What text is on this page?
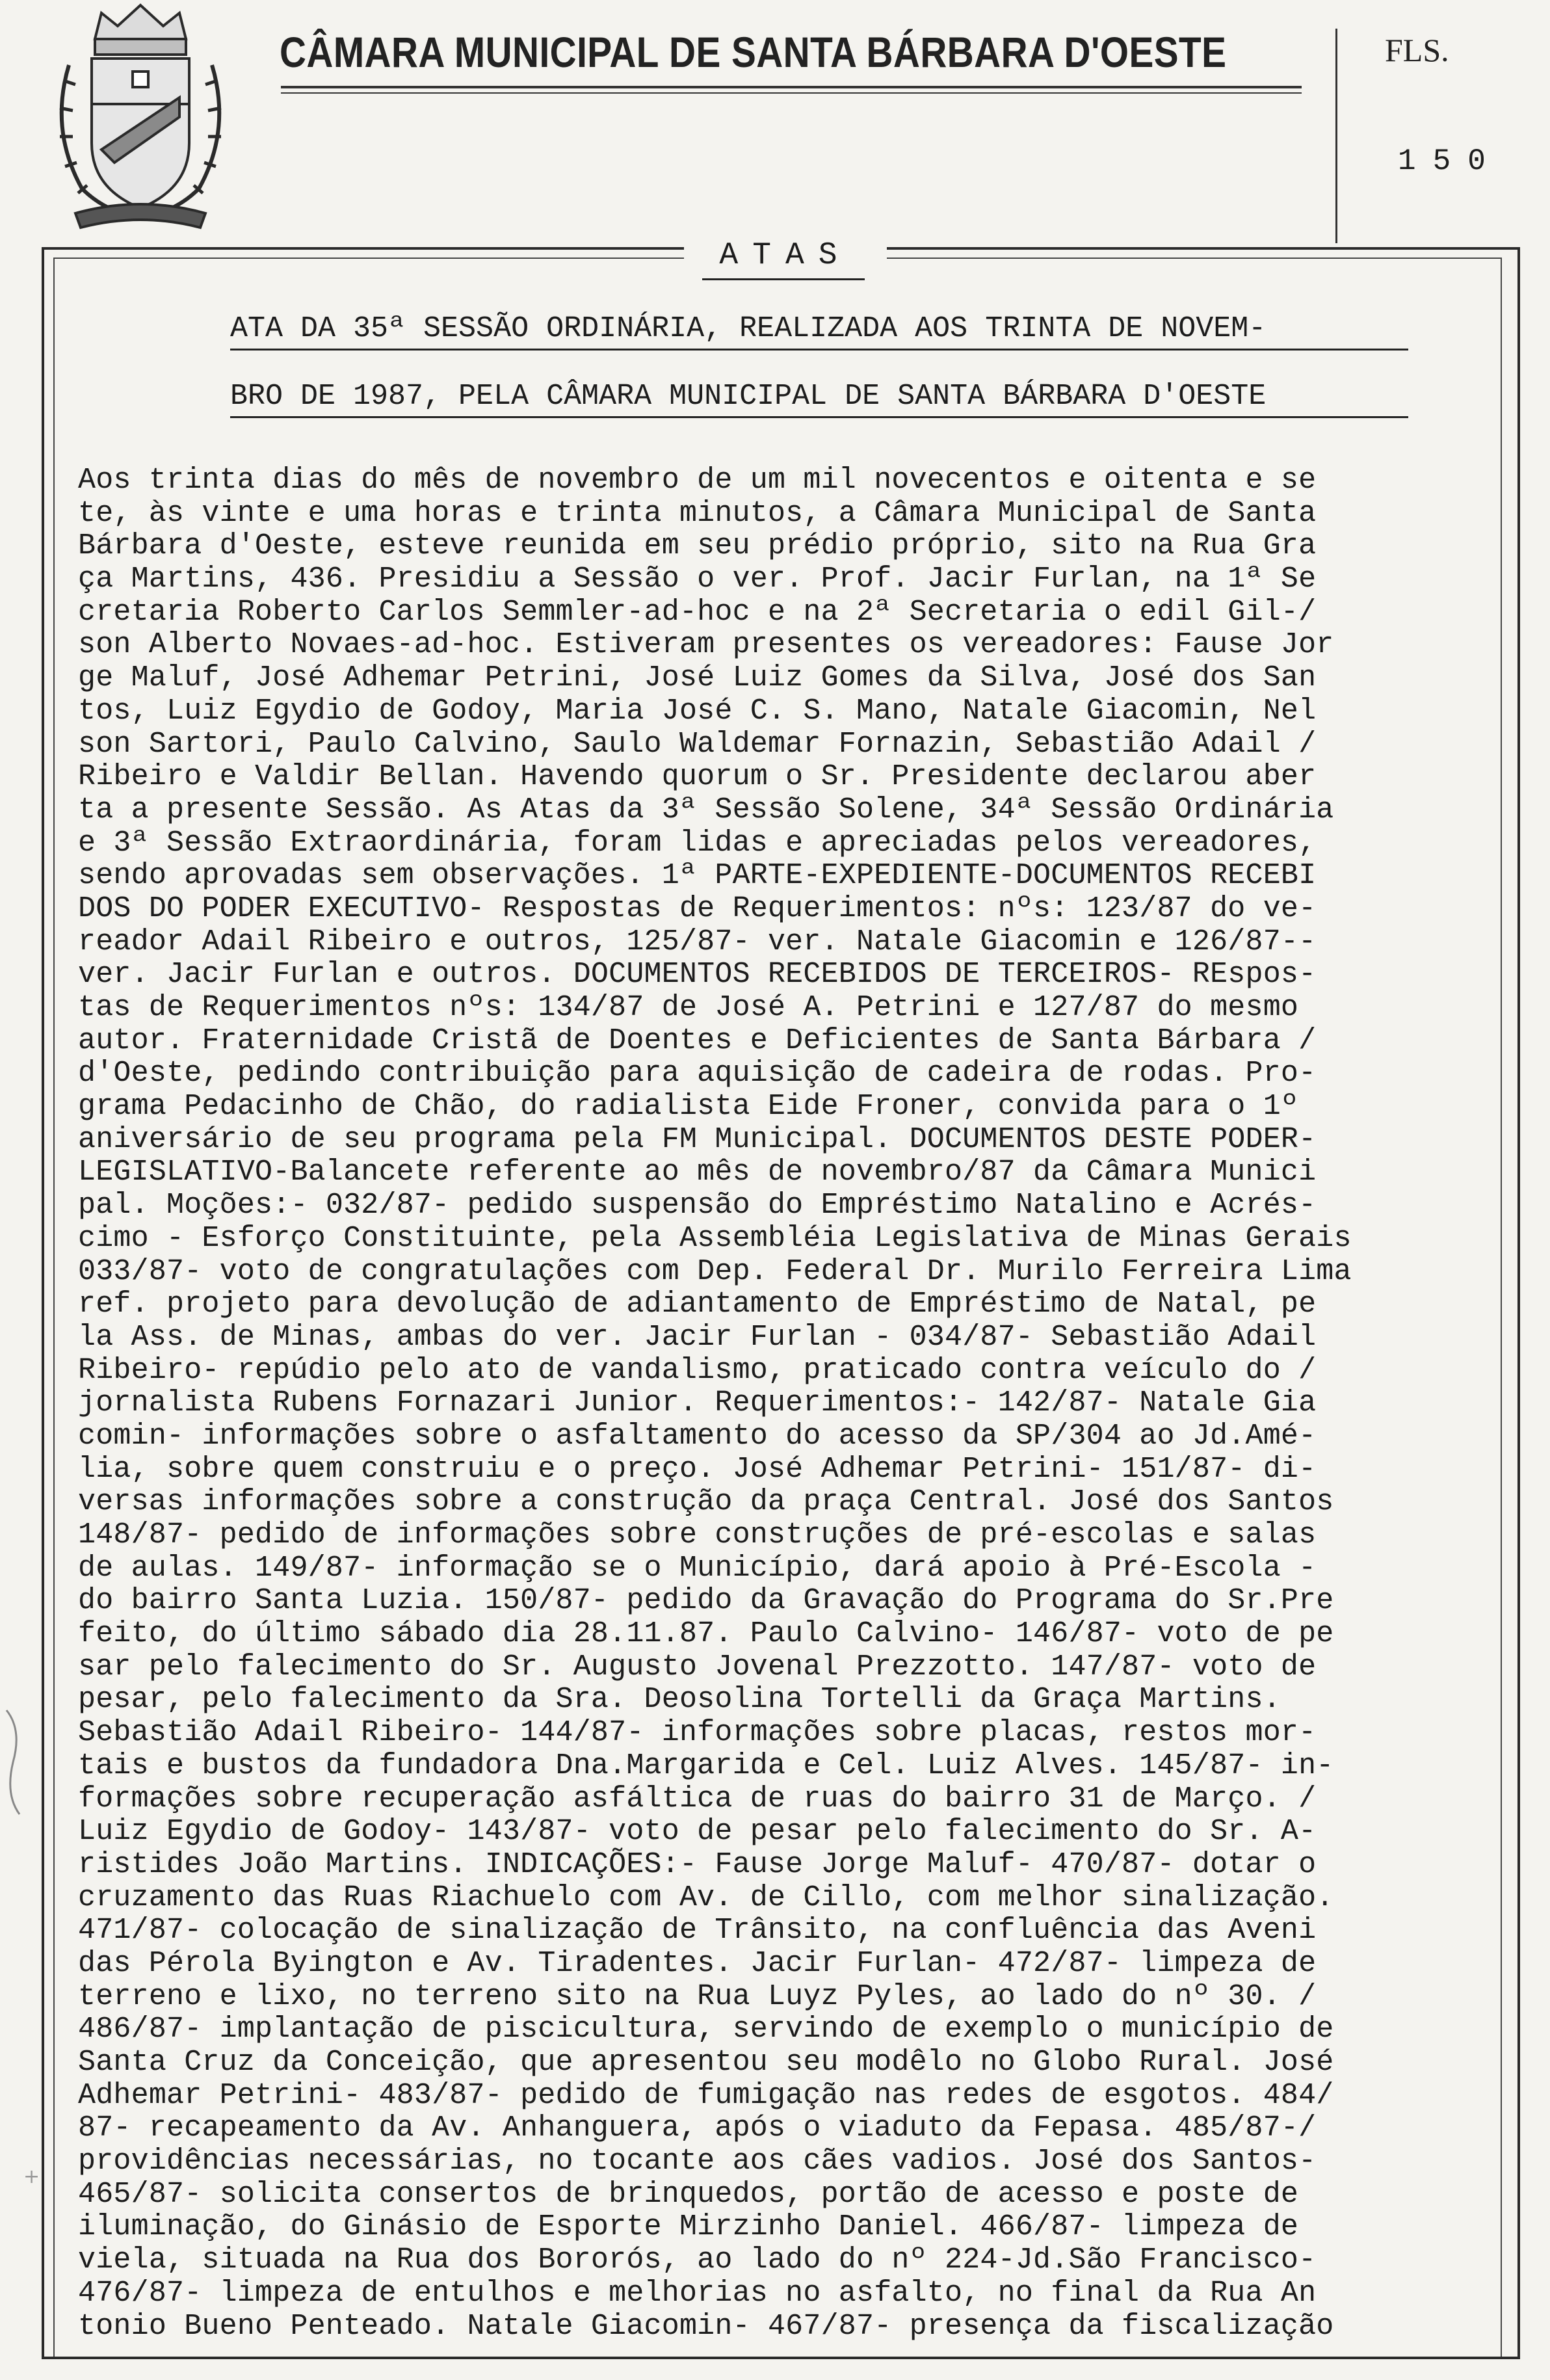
CÂMARA MUNICIPAL DE SANTA BÁRBARA D'OESTE	FLS.
150
ATAS
ATA DA 35ª SESSÃO ORDINÁRIA, REALIZADA AOS TRINTA DE NOVEM-
BRO DE 1987, PELA CÂMARA MUNICIPAL DE SANTA BÁRBARA D'OESTE
Aos trinta dias do mês de novembro de um mil novecentos e oitenta e se
te, às vinte e uma horas e trinta minutos, a Câmara Municipal de Santa
Bárbara d'Oeste, esteve reunida em seu prédio próprio, sito na Rua Gra
ça Martins, 436. Presidiu a Sessão o ver. Prof. Jacir Furlan, na 1ª Se
cretaria Roberto Carlos Semmler-ad-hoc e na 2ª Secretaria o edil Gil-/
son Alberto Novaes-ad-hoc. Estiveram presentes os vereadores: Fause Jor
ge Maluf, José Adhemar Petrini, José Luiz Gomes da Silva, José dos San
tos, Luiz Egydio de Godoy, Maria José C. S. Mano, Natale Giacomin, Nel
son Sartori, Paulo Calvino, Saulo Waldemar Fornazin, Sebastião Adail /
Ribeiro e Valdir Bellan. Havendo quorum o Sr. Presidente declarou aber
ta a presente Sessão. As Atas da 3ª Sessão Solene, 34ª Sessão Ordinária
e 3ª Sessão Extraordinária, foram lidas e apreciadas pelos vereadores,
sendo aprovadas sem observações. 1ª PARTE-EXPEDIENTE-DOCUMENTOS RECEBI
DOS DO PODER EXECUTIVO- Respostas de Requerimentos: nºs: 123/87 do ve-
reador Adail Ribeiro e outros, 125/87- ver. Natale Giacomin e 126/87--
ver. Jacir Furlan e outros. DOCUMENTOS RECEBIDOS DE TERCEIROS- REspos-
tas de Requerimentos nºs: 134/87 de José A. Petrini e 127/87 do mesmo
autor. Fraternidade Cristã de Doentes e Deficientes de Santa Bárbara /
d'Oeste, pedindo contribuição para aquisição de cadeira de rodas. Pro-
grama Pedacinho de Chão, do radialista Eide Froner, convida para o 1º
aniversário de seu programa pela FM Municipal. DOCUMENTOS DESTE PODER-
LEGISLATIVO-Balancete referente ao mês de novembro/87 da Câmara Munici
pal. Moções:- 032/87- pedido suspensão do Empréstimo Natalino e Acrés-
cimo - Esforço Constituinte, pela Assembléia Legislativa de Minas Gerais
033/87- voto de congratulações com Dep. Federal Dr. Murilo Ferreira Lima
ref. projeto para devolução de adiantamento de Empréstimo de Natal, pe
la Ass. de Minas, ambas do ver. Jacir Furlan - 034/87- Sebastião Adail
Ribeiro- repúdio pelo ato de vandalismo, praticado contra veículo do /
jornalista Rubens Fornazari Junior. Requerimentos:- 142/87- Natale Gia
comin- informações sobre o asfaltamento do acesso da SP/304 ao Jd.Amé-
lia, sobre quem construiu e o preço. José Adhemar Petrini- 151/87- di-
versas informações sobre a construção da praça Central. José dos Santos
148/87- pedido de informações sobre construções de pré-escolas e salas
de aulas. 149/87- informação se o Município, dará apoio à Pré-Escola -
do bairro Santa Luzia. 150/87- pedido da Gravação do Programa do Sr.Pre
feito, do último sábado dia 28.11.87. Paulo Calvino- 146/87- voto de pe
sar pelo falecimento do Sr. Augusto Jovenal Prezzotto. 147/87- voto de
pesar, pelo falecimento da Sra. Deosolina Tortelli da Graça Martins.
Sebastião Adail Ribeiro- 144/87- informações sobre placas, restos mor-
tais e bustos da fundadora Dna.Margarida e Cel. Luiz Alves. 145/87- in-
formações sobre recuperação asfáltica de ruas do bairro 31 de Março. /
Luiz Egydio de Godoy- 143/87- voto de pesar pelo falecimento do Sr. A-
ristides João Martins. INDICAÇÕES:- Fause Jorge Maluf- 470/87- dotar o
cruzamento das Ruas Riachuelo com Av. de Cillo, com melhor sinalização.
471/87- colocação de sinalização de Trânsito, na confluência das Aveni
das Pérola Byington e Av. Tiradentes. Jacir Furlan- 472/87- limpeza de
terreno e lixo, no terreno sito na Rua Luyz Pyles, ao lado do nº 30. /
486/87- implantação de piscicultura, servindo de exemplo o município de
Santa Cruz da Conceição, que apresentou seu modêlo no Globo Rural. José
Adhemar Petrini- 483/87- pedido de fumigação nas redes de esgotos. 484/
87- recapeamento da Av. Anhanguera, após o viaduto da Fepasa. 485/87-/
providências necessárias, no tocante aos cães vadios. José dos Santos-
465/87- solicita consertos de brinquedos, portão de acesso e poste de
iluminação, do Ginásio de Esporte Mirzinho Daniel. 466/87- limpeza de
viela, situada na Rua dos Bororós, ao lado do nº 224-Jd.São Francisco-
476/87- limpeza de entulhos e melhorias no asfalto, no final da Rua An
tonio Bueno Penteado. Natale Giacomin- 467/87- presença da fiscalização
+
